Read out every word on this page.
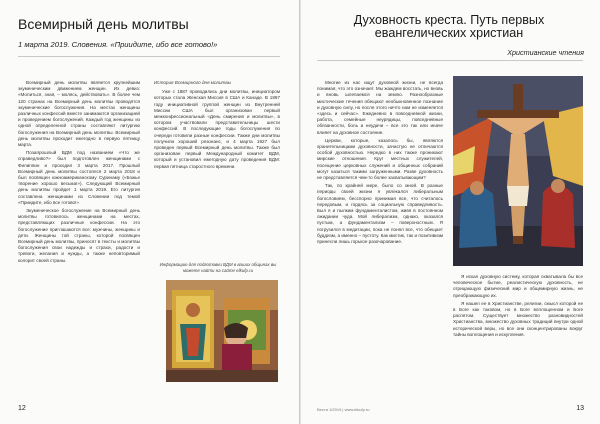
Всемирный день молитвы
1 марта 2019. Словения. «Приидите, ибо все готово!»

Всемирный день молитвы является крупнейшим экуменическим движением женщин. Их девиз: «Молиться, зная, – молясь, действовать». В более чем 120 странах на Всемирный день молитвы проводятся экуменические богослужения. На местах женщины различных конфессий вместе занимаются организацией и проведением богослужений. Каждый год женщины из одной определенной страны составляют литургию богослужения на Всемирный день молитвы. Всемирный день молитвы проходит ежегодно в первую пятницу марта.

Позапрошлый ВДМ под названием «Что же справедливо?» был подготовлен женщинами с Филиппин и проходил 3 марта 2017. Прошлый Всемирный день молитвы состоялся 2 марта 2018 и был посвящен южноамериканскому Суринаму («Божье творение хорошо весьма!»). Следующий Всемирный день молитвы пройдет 1 марта 2019. Его литургия составлена женщинами из Словении под темой «Приидите, ибо все готово!»

Экуменическое богослужение на Всемирный день молитвы готовилось женщинами на местах, представляющих различные конфессии. На это богослужение приглашаются все: мужчины, женщины и дети. Женщины той страны, которой посвящен Всемирный день молитвы, приносят в тексты и молитвы богослужения свои надежды и страхи, радости и тревоги, желания и нужды, а также неповторимый колорит своей страны.

История Всемирного дня молитвы

Уже с 1887 проводились дни молитвы, инициатором которых стала Женская Миссия в США и Канаде. В 1897 году инициативной группой женщин из Внутренней Миссии США был организован первый межконфессиональный «День смирения и молитвы», в котором участвовали представительницы шести конфессий. В последующие годы богослужения по очереди готовили разные конфессии. Также дни молитвы получили хороший резонанс, и 4 марта 1927 был проведен первый Всемирный день молитвы. Также был организован первый Международный комитет ВДМ, который и установил ежегодную дату проведения ВДМ: первая пятница старостного времени.

Информацию для подготовки ВДМ в ваших общинах вы можете найти на сайте elkufp.ru
12
Духовность креста. Путь первых евангелических христиан
Христианские чтения

Многие из нас ищут духовной жизни, не всегда понимая, что это означает. Мы жаждем восстать, но вновь и вновь шлепаемся на землю. Разнообразные мистические течения обещают необыкновенное познание и духовную силу, но после этого ничто нам не изменяется «здесь и сейчас». Ежедневно в повседневной жизни, работа, семейные неурядицы, повседневные обязанности, боль и неудачи – все это так или иначе влияет на духовное состояние.

Церкви, которые, казалось бы, являются хранительницами духовности, зачастую не отличаются особой духовностью. Нередко в них также проникают мирские отношения. Круг местных служителей, посещение церковных служений и общинных собраний могут казаться такими загруженными. Разве духовность не представляется чем-то более захватывающим?

Так, по крайней мере, было со мной. В разные периоды своей жизни я увлекался либеральным богословием, бесспорно принимая все, что считалось передовым, и гордясь за социальную справедливость. Был я и пылким фундаменталистом, живя в постоянном ожидании чуда. Мой либерализм, однако, оказался пустым, а фундаментализм – поверхностным. Я погрузился в медитации, пока не понял все, что обещает буддизм, а именно – пустоту. Как мистик, так и позитивизм принесли лишь горькое разочарование.

Я искал духовную систему, которая охватывала бы все человеческое бытие, реалистическую духовность, не отрицающую физический мир и общемирную жизнь, не преображающую их.

Я нашел ее в Христианстве, религии, смысл которой не в Боге как таковом, но в Боге воплощенном и Боге распятом. Существует множество разновидностей Христианства, множество духовных традиций внутри одной исторической веры, но все они сконцентрированы вокруг тайны воплощения и искупления.

Вести 1/2019 | www.elkufp.ru	13
